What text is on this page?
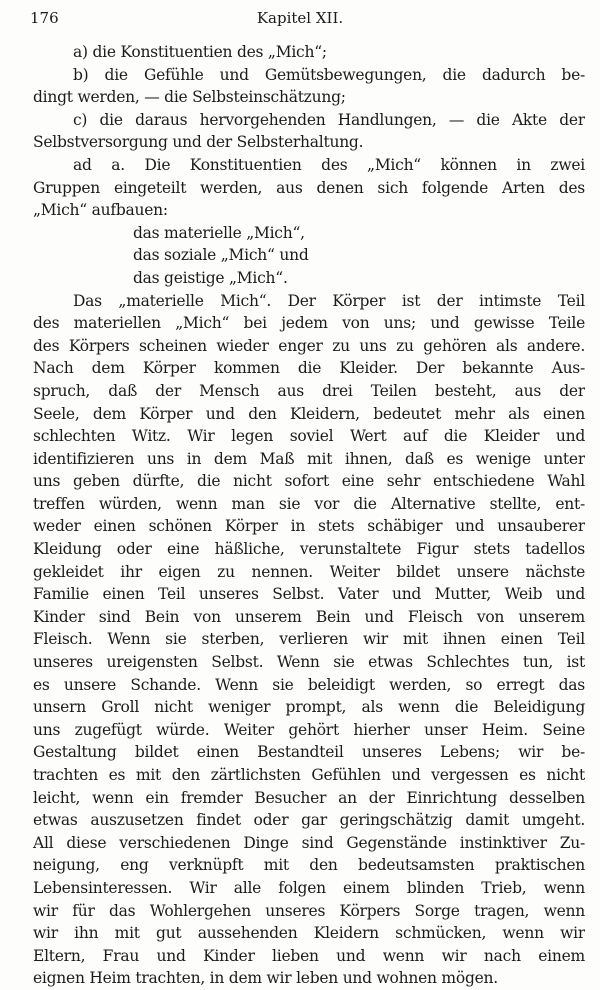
176	Kapitel XII.
a) die Konstituentien des „Mich“;
b) die Gefühle und Gemütsbewegungen, die dadurch be-
dingt werden, — die Selbsteinschätzung;
c) die daraus hervorgehenden Handlungen, — die Akte der
Selbstversorgung und der Selbsterhaltung.
ad a. Die Konstituentien des „Mich“ können in zwei
Gruppen eingeteilt werden, aus denen sich folgende Arten des
„Mich“ aufbauen:
das materielle „Mich“,
das soziale „Mich“ und
das geistige „Mich“.
Das „materielle Mich“. Der Körper ist der intimste Teil
des materiellen „Mich“ bei jedem von uns; und gewisse Teile
des Körpers scheinen wieder enger zu uns zu gehören als andere.
Nach dem Körper kommen die Kleider. Der bekannte Aus-
spruch, daß der Mensch aus drei Teilen besteht, aus der
Seele, dem Körper und den Kleidern, bedeutet mehr als einen
schlechten Witz. Wir legen soviel Wert auf die Kleider und
identifizieren uns in dem Maß mit ihnen, daß es wenige unter
uns geben dürfte, die nicht sofort eine sehr entschiedene Wahl
treffen würden, wenn man sie vor die Alternative stellte, ent-
weder einen schönen Körper in stets schäbiger und unsauberer
Kleidung oder eine häßliche, verunstaltete Figur stets tadellos
gekleidet ihr eigen zu nennen. Weiter bildet unsere nächste
Familie einen Teil unseres Selbst. Vater und Mutter, Weib und
Kinder sind Bein von unserem Bein und Fleisch von unserem
Fleisch. Wenn sie sterben, verlieren wir mit ihnen einen Teil
unseres ureigensten Selbst. Wenn sie etwas Schlechtes tun, ist
es unsere Schande. Wenn sie beleidigt werden, so erregt das
unsern Groll nicht weniger prompt, als wenn die Beleidigung
uns zugefügt würde. Weiter gehört hierher unser Heim. Seine
Gestaltung bildet einen Bestandteil unseres Lebens; wir be-
trachten es mit den zärtlichsten Gefühlen und vergessen es nicht
leicht, wenn ein fremder Besucher an der Einrichtung desselben
etwas auszusetzen findet oder gar geringschätzig damit umgeht.
All diese verschiedenen Dinge sind Gegenstände instinktiver Zu-
neigung, eng verknüpft mit den bedeutsamsten praktischen
Lebensinteressen. Wir alle folgen einem blinden Trieb, wenn
wir für das Wohlergehen unseres Körpers Sorge tragen, wenn
wir ihn mit gut aussehenden Kleidern schmücken, wenn wir
Eltern, Frau und Kinder lieben und wenn wir nach einem
eignen Heim trachten, in dem wir leben und wohnen mögen.
